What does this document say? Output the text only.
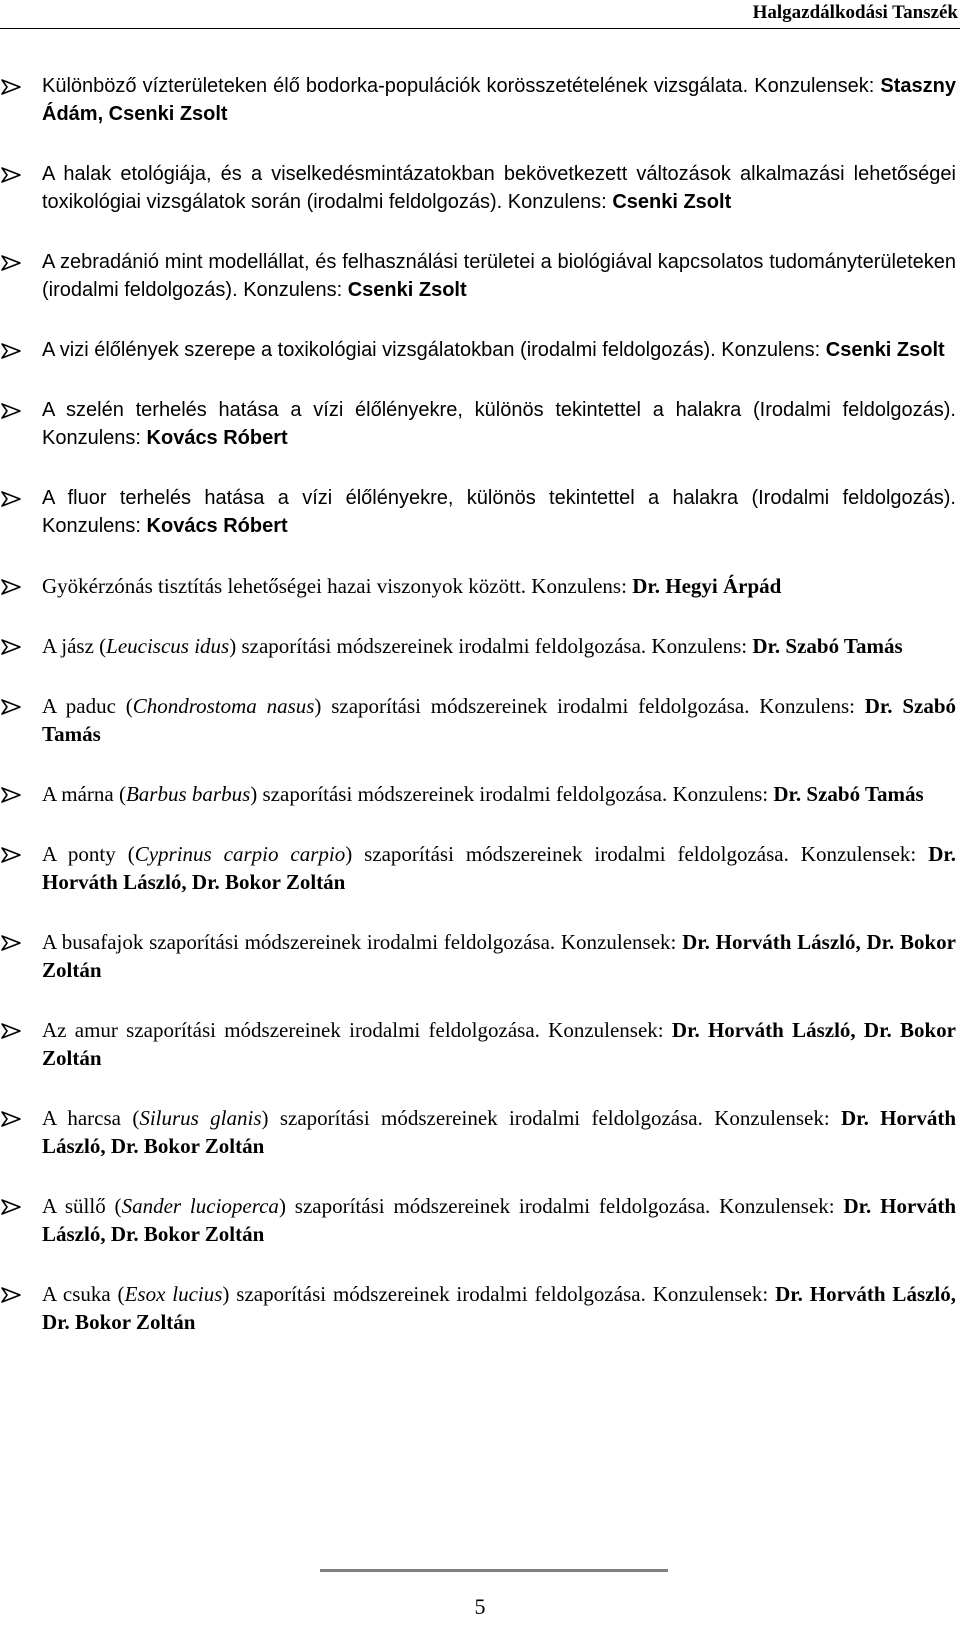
Halgazdálkodási Tanszék
Különböző vízterületeken élő bodorka-populációk korösszetételének vizsgálata. Konzulensek: Staszny Ádám, Csenki Zsolt
A halak etológiája, és a viselkedésmintázatokban bekövetkezett változások alkalmazási lehetőségei toxikológiai vizsgálatok során (irodalmi feldolgozás). Konzulens: Csenki Zsolt
A zebradánió mint modellállat, és felhasználási területei a biológiával kapcsolatos tudományterületeken (irodalmi feldolgozás). Konzulens: Csenki Zsolt
A vizi élőlények szerepe a toxikológiai vizsgálatokban (irodalmi feldolgozás). Konzulens: Csenki Zsolt
A szelén terhelés hatása a vízi élőlényekre, különös tekintettel a halakra (Irodalmi feldolgozás). Konzulens: Kovács Róbert
A fluor terhelés hatása a vízi élőlényekre, különös tekintettel a halakra (Irodalmi feldolgozás). Konzulens: Kovács Róbert
Gyökérzónás tisztítás lehetőségei hazai viszonyok között. Konzulens: Dr. Hegyi Árpád
A jász (Leuciscus idus) szaporítási módszereinek irodalmi feldolgozása. Konzulens: Dr. Szabó Tamás
A paduc (Chondrostoma nasus) szaporítási módszereinek irodalmi feldolgozása. Konzulens: Dr. Szabó Tamás
A márna (Barbus barbus) szaporítási módszereinek irodalmi feldolgozása. Konzulens: Dr. Szabó Tamás
A ponty (Cyprinus carpio carpio) szaporítási módszereinek irodalmi feldolgozása. Konzulensek: Dr. Horváth László, Dr. Bokor Zoltán
A busafajok szaporítási módszereinek irodalmi feldolgozása. Konzulensek: Dr. Horváth László, Dr. Bokor Zoltán
Az amur szaporítási módszereinek irodalmi feldolgozása. Konzulensek: Dr. Horváth László, Dr. Bokor Zoltán
A harcsa (Silurus glanis) szaporítási módszereinek irodalmi feldolgozása. Konzulensek: Dr. Horváth László, Dr. Bokor Zoltán
A süllő (Sander lucioperca) szaporítási módszereinek irodalmi feldolgozása. Konzulensek: Dr. Horváth László, Dr. Bokor Zoltán
A csuka (Esox lucius) szaporítási módszereinek irodalmi feldolgozása. Konzulensek: Dr. Horváth László, Dr. Bokor Zoltán
5
